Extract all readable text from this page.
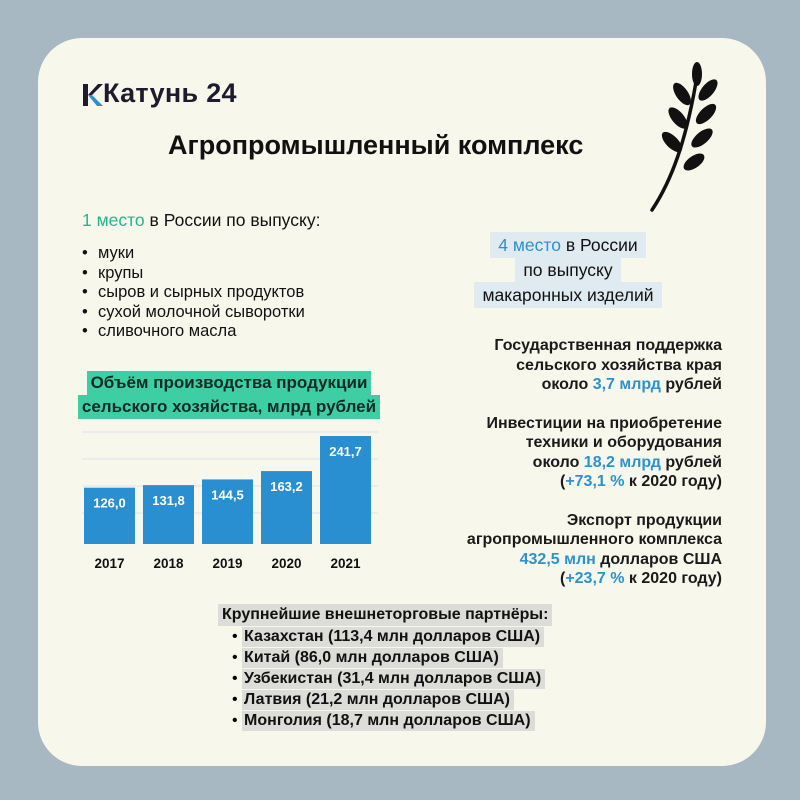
Катунь 24
Агропромышленный комплекс
1 место в России по выпуску:
• муки
• крупы
• сыров и сырных продуктов
• сухой молочной сыворотки
• сливочного масла
4 место в России
по выпуску
макаронных изделий
Государственная поддержка
сельского хозяйства края
около 3,7 млрд рублей
Инвестиции на приобретение
техники и оборудования
около 18,2 млрд рублей
(+73,1 % к 2020 году)
Экспорт продукции
агропромышленного комплекса
432,5 млн долларов США
(+23,7 % к 2020 году)
Объём производства продукции
сельского хозяйства, млрд рублей
126,0
2017
131,8
2018
144,5
2019
163,2
2020
241,7
2021
Крупнейшие внешнеторговые партнёры:
• Казахстан (113,4 млн долларов США)
• Китай (86,0 млн долларов США)
• Узбекистан (31,4 млн долларов США)
• Латвия (21,2 млн долларов США)
• Монголия (18,7 млн долларов США)
